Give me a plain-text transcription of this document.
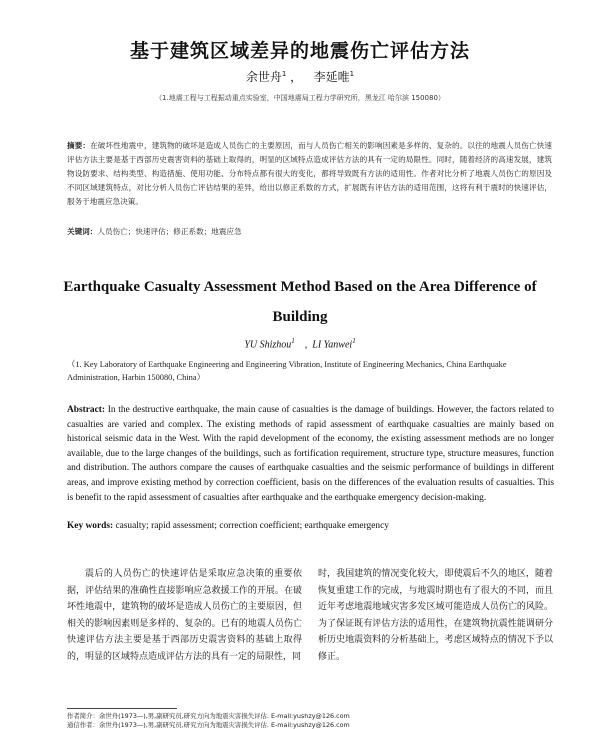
基于建筑区域差异的地震伤亡评估方法
余世舟$^1$ ， 李延唯$^1$
（1.地震工程与工程振动重点实验室，中国地震局工程力学研究所，黑龙江 哈尔滨 150080）
摘要：在破坏性地震中，建筑物的破坏是造成人员伤亡的主要原因，而与人员伤亡相关的影响因素是多样的、复杂的。以往的地震人员伤亡快速评估方法主要是基于西部历史震害资料的基础上取得的，明显的区域特点造成评估方法的具有一定的局限性。同时，随着经济的高速发展，建筑物设防要求、结构类型、构造措施、使用功能、分布特点都有很大的变化，都将导致既有方法的适用性。作者对比分析了地震人员伤亡的原因及不同区域建筑特点，对比分析人员伤亡评估结果的差异，给出以修正系数的方式，扩展既有评估方法的适用范围，这将有利于震时的快速评估，服务于地震应急决策。
关键词：人员伤亡；快速评估；修正系数；地震应急
Earthquake Casualty Assessment Method Based on the Area Difference of Building
YU Shizhou$^1$ , LI Yanwei$^1$
（1. Key Laboratory of Earthquake Engineering and Engineering Vibration, Institute of Engineering Mechanics, China Earthquake Administration, Harbin 150080, China）
Abstract: In the destructive earthquake, the main cause of casualties is the damage of buildings. However, the factors related to casualties are varied and complex. The existing methods of rapid assessment of earthquake casualties are mainly based on historical seismic data in the West. With the rapid development of the economy, the existing assessment methods are no longer available, due to the large changes of the buildings, such as fortification requirement, structure type, structure measures, function and distribution. The authors compare the causes of earthquake casualties and the seismic performance of buildings in different areas, and improve existing method by correction coefficient, basis on the differences of the evaluation results of casualties. This is benefit to the rapid assessment of casualties after earthquake and the earthquake emergency decision-making.
Key words: casualty; rapid assessment; correction coefficient; earthquake emergency
震后的人员伤亡的快速评估是采取应急决策的重要依据，评估结果的准确性直接影响应急救援工作的开展。在破坏性地震中，建筑物的破坏是造成人员伤亡的主要原因，但相关的影响因素则是多样的、复杂的。已有的地震人员伤亡快速评估方法主要是基于西部历史震害资料的基础上取得的，明显的区域特点造成评估方法的具有一定的局限性，同
时，我国建筑的情况变化较大，即使震后不久的地区，随着恢复重建工作的完成，与地震时期也有了很大的不同，而且近年考虑地震地域灾害多发区域可能造成人员伤亡的风险。为了保证既有评估方法的适用性，在建筑物抗震性能调研分析历史地震资料的分析基础上，考虑区域特点的情况下予以修正。
作者简介：余世舟(1973—),男,副研究员,研究方向为地震灾害损失评估. E-mail:yushzy@126.com
通信作者：余世舟(1973—),男,副研究员,研究方向为地震灾害损失评估. E-mail:yushzy@126.com
